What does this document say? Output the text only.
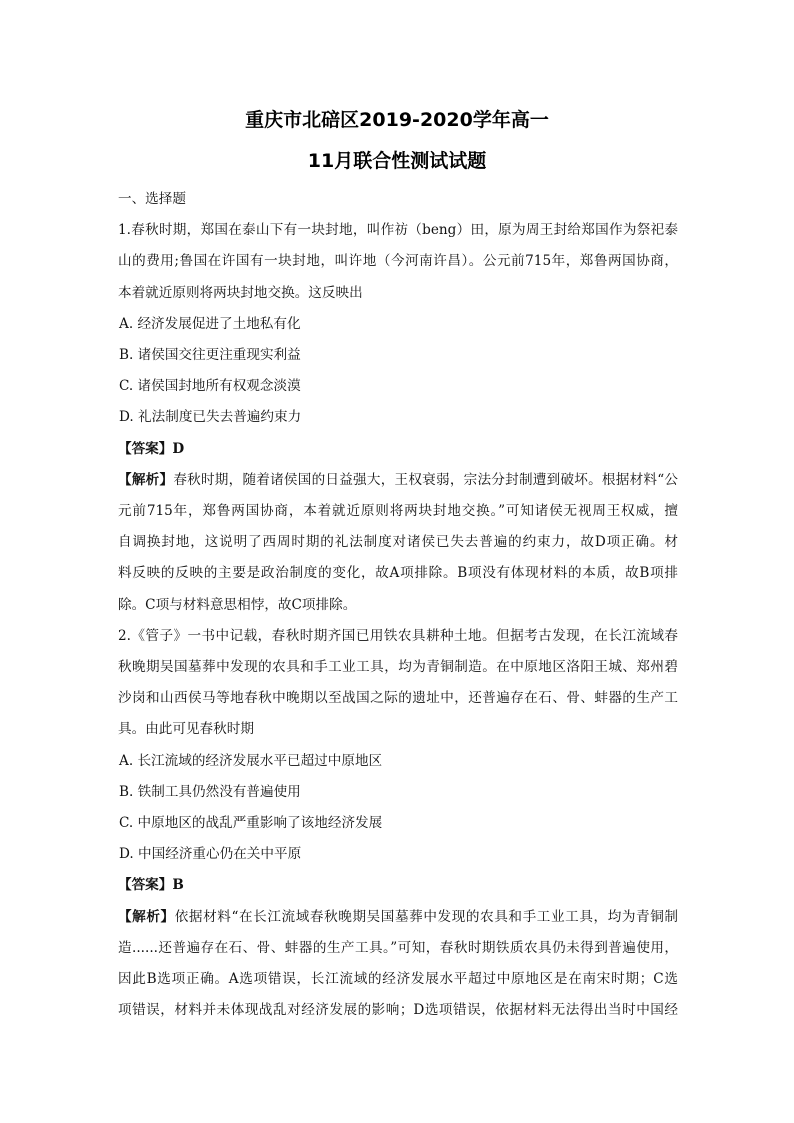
重庆市北碚区2019-2020学年高一
11月联合性测试试题

一、选择题

1.春秋时期，郑国在泰山下有一块封地，叫作祊（beng）田，原为周王封给郑国作为祭祀泰

山的费用;鲁国在许国有一块封地，叫许地（今河南许昌）。公元前715年，郑鲁两国协商，

本着就近原则将两块封地交换。这反映出

A. 经济发展促进了土地私有化

B. 诸侯国交往更注重现实利益

C. 诸侯国封地所有权观念淡漠

D. 礼法制度已失去普遍约束力

【答案】D

【解析】春秋时期，随着诸侯国的日益强大，王权衰弱，宗法分封制遭到破坏。根据材料“公

元前715年，郑鲁两国协商，本着就近原则将两块封地交换。”可知诸侯无视周王权威，擅

自调换封地，这说明了西周时期的礼法制度对诸侯已失去普遍的约束力，故D项正确。材

料反映的反映的主要是政治制度的变化，故A项排除。B项没有体现材料的本质，故B项排

除。C项与材料意思相悖，故C项排除。

2.《管子》一书中记载，春秋时期齐国已用铁农具耕种土地。但据考古发现，在长江流域春

秋晚期吴国墓葬中发现的农具和手工业工具，均为青铜制造。在中原地区洛阳王城、郑州碧

沙岗和山西侯马等地春秋中晚期以至战国之际的遗址中，还普遍存在石、骨、蚌器的生产工

具。由此可见春秋时期

A. 长江流域的经济发展水平已超过中原地区

B. 铁制工具仍然没有普遍使用

C. 中原地区的战乱严重影响了该地经济发展

D. 中国经济重心仍在关中平原

【答案】B

【解析】依据材料“在长江流域春秋晚期吴国墓葬中发现的农具和手工业工具，均为青铜制

造......还普遍存在石、骨、蚌器的生产工具。”可知，春秋时期铁质农具仍未得到普遍使用，

因此B选项正确。A选项错误，长江流域的经济发展水平超过中原地区是在南宋时期；C选

项错误，材料并未体现战乱对经济发展的影响；D选项错误，依据材料无法得出当时中国经
